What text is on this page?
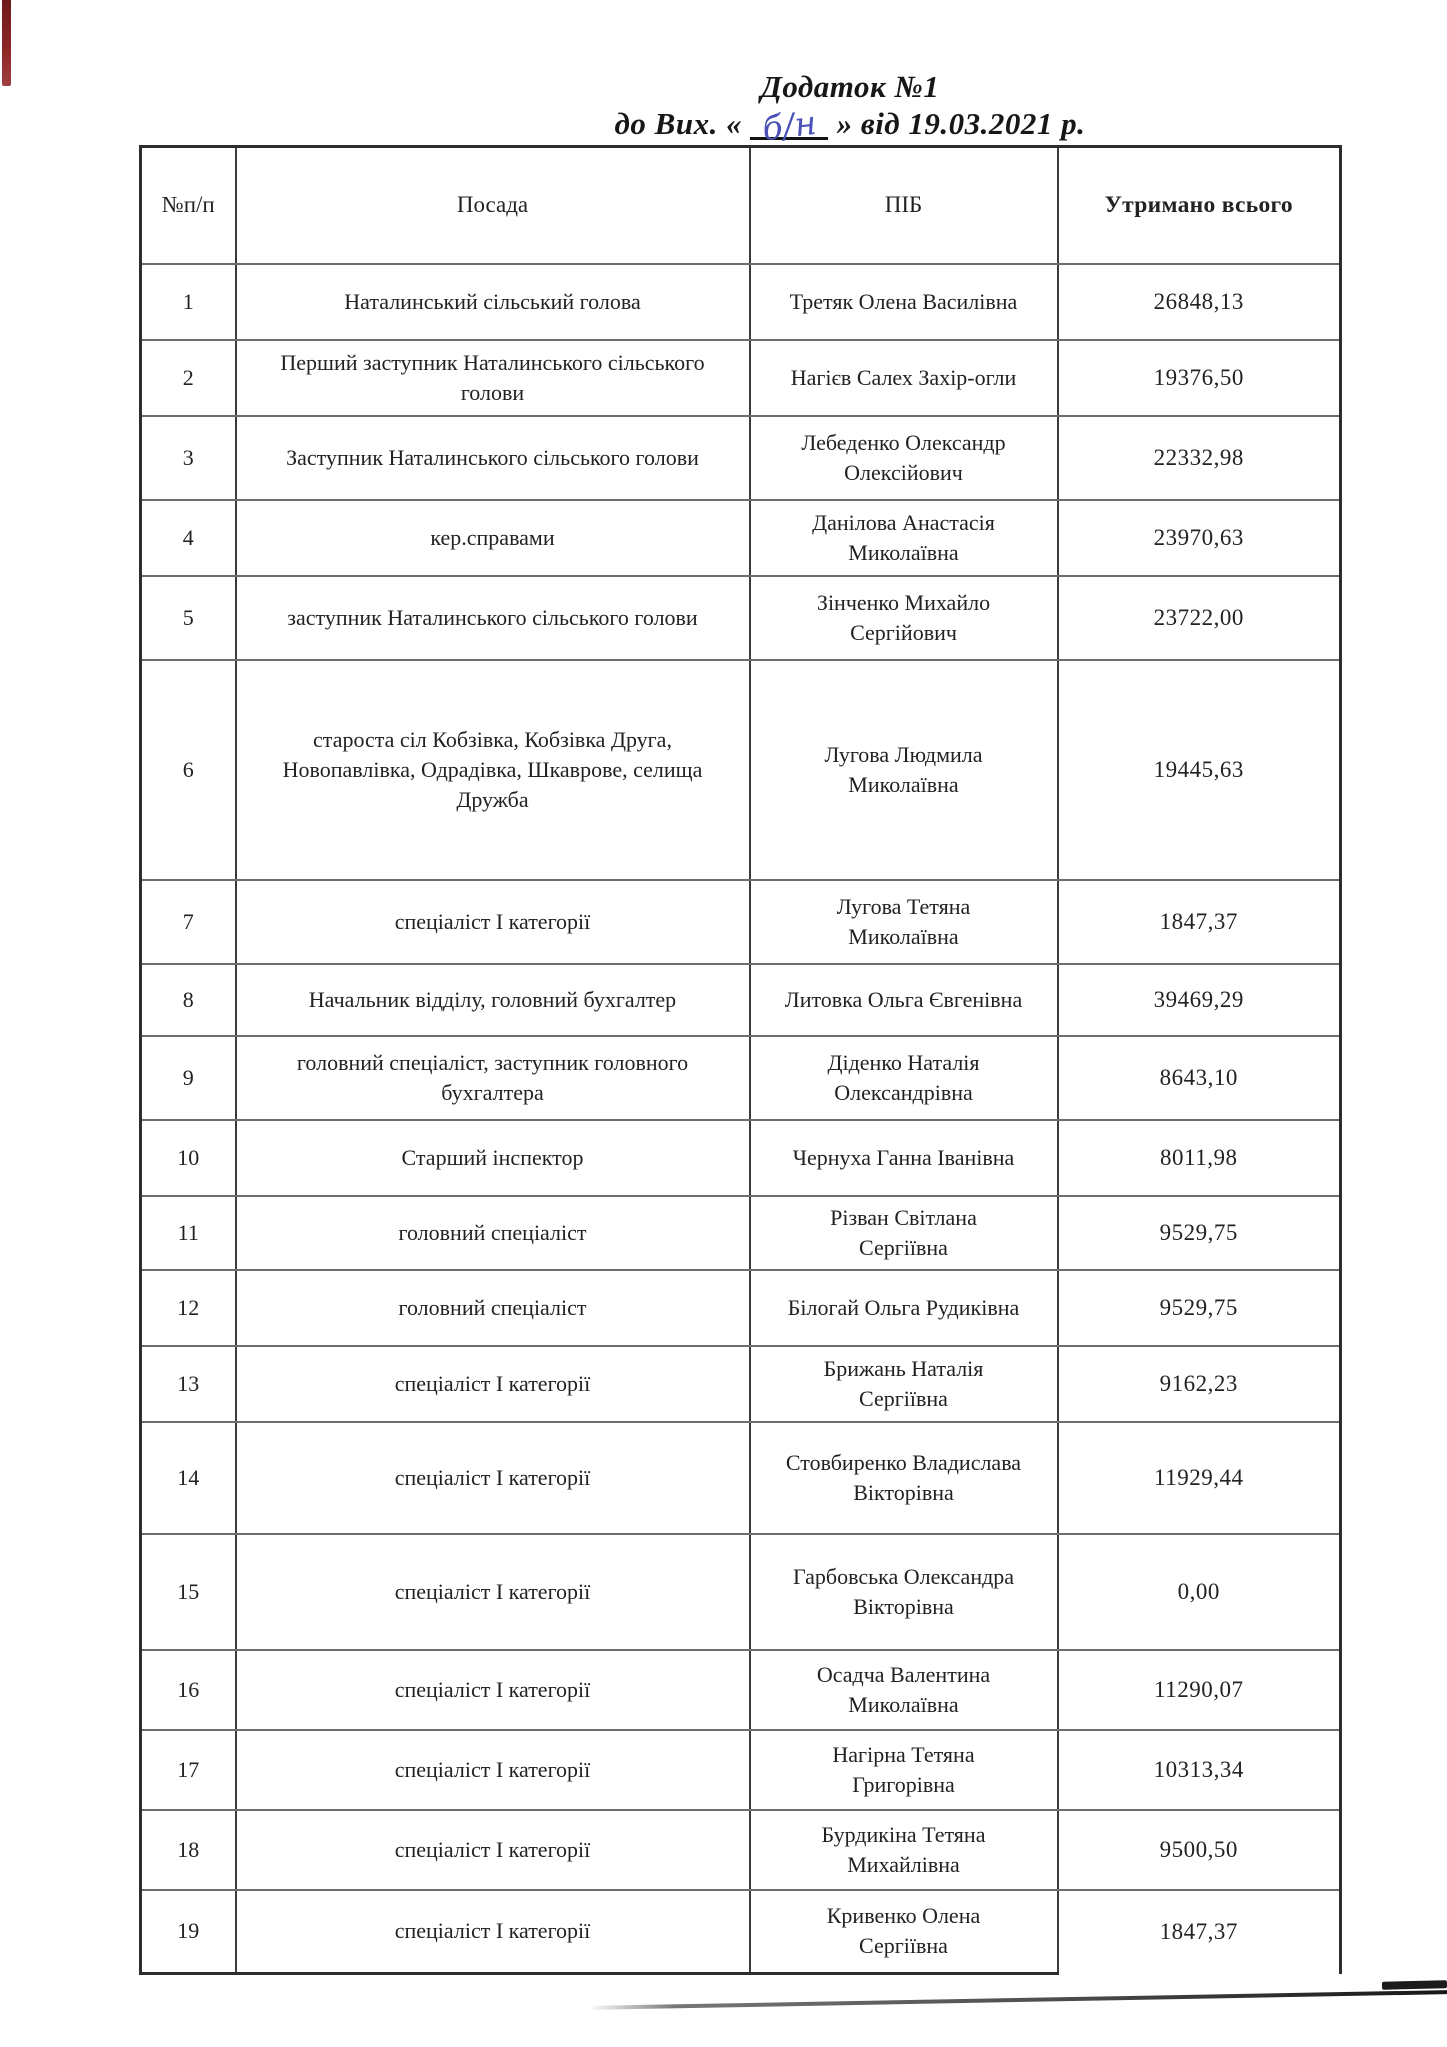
Додаток №1
до Вих. « б/н » від 19.03.2021 р.
№п/п	Посада	ПІБ	Утримано всього
1	Наталинський сільський голова	Третяк Олена Василівна	26848,13
2	Перший заступник Наталинського сільського голови	Нагієв Салех Захір-огли	19376,50
3	Заступник Наталинського сільського голови	Лебеденко Олександр Олексійович	22332,98
4	кер.справами	Данілова Анастасія Миколаївна	23970,63
5	заступник Наталинського сільського голови	Зінченко Михайло Сергійович	23722,00
6	староста сіл Кобзівка, Кобзівка Друга, Новопавлівка, Одрадівка, Шкаврове, селища Дружба	Лугова Людмила Миколаївна	19445,63
7	спеціаліст І категорії	Лугова Тетяна Миколаївна	1847,37
8	Начальник відділу, головний бухгалтер	Литовка Ольга Євгенівна	39469,29
9	головний спеціаліст, заступник головного бухгалтера	Діденко Наталія Олександрівна	8643,10
10	Старший інспектор	Чернуха Ганна Іванівна	8011,98
11	головний спеціаліст	Різван Світлана Сергіївна	9529,75
12	головний спеціаліст	Білогай Ольга Рудиківна	9529,75
13	спеціаліст І категорії	Брижань Наталія Сергіївна	9162,23
14	спеціаліст І категорії	Стовбиренко Владислава Вікторівна	11929,44
15	спеціаліст І категорії	Гарбовська Олександра Вікторівна	0,00
16	спеціаліст І категорії	Осадча Валентина Миколаївна	11290,07
17	спеціаліст І категорії	Нагірна Тетяна Григорівна	10313,34
18	спеціаліст І категорії	Бурдикіна Тетяна Михайлівна	9500,50
19	спеціаліст І категорії	Кривенко Олена Сергіївна	1847,37
